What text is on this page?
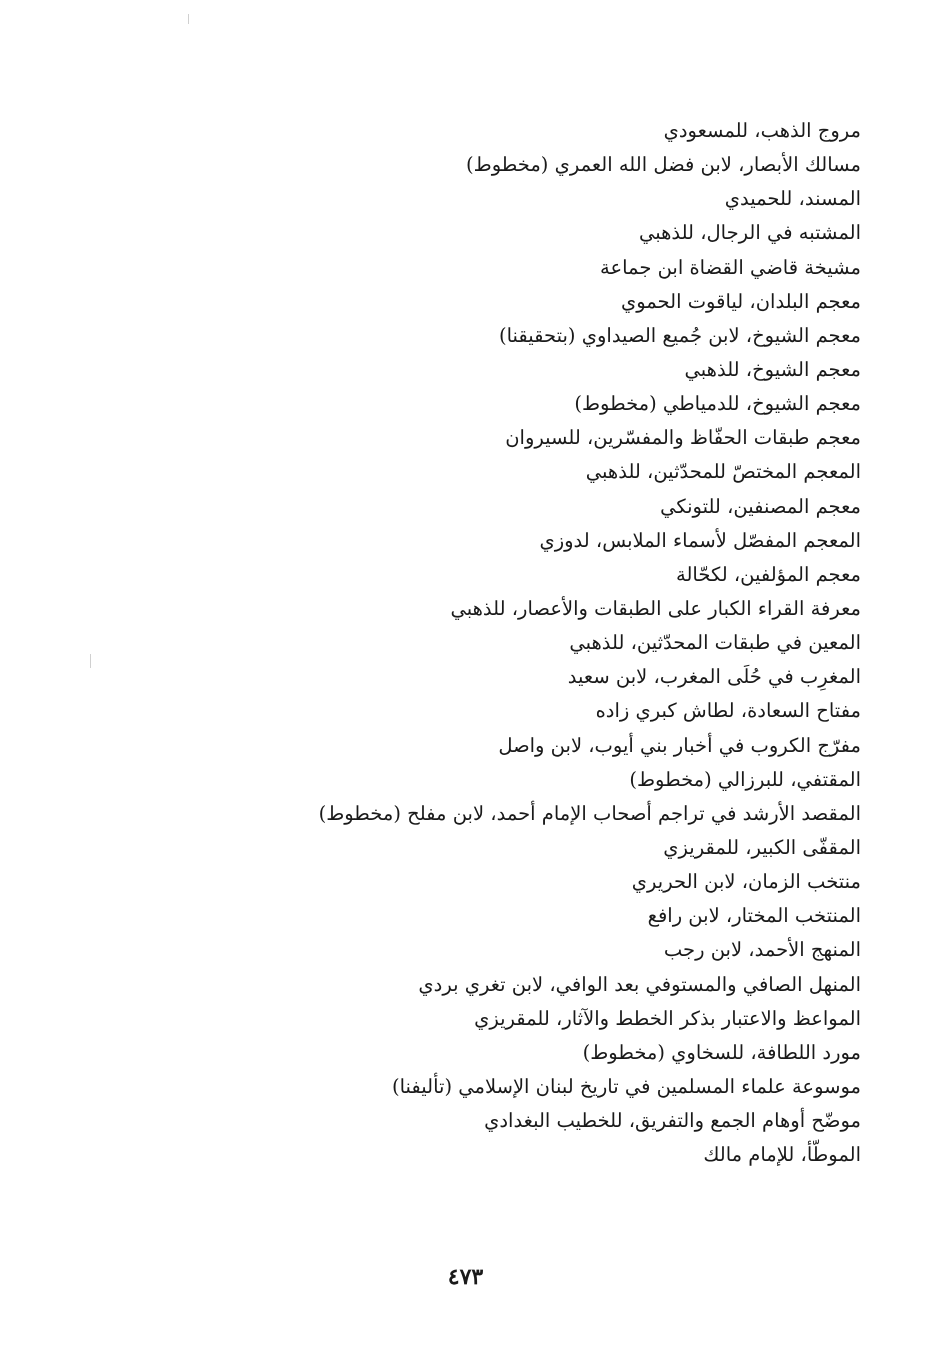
مروج الذهب، للمسعودي
مسالك الأبصار، لابن فضل الله العمري (مخطوط)
المسند، للحميدي
المشتبه في الرجال، للذهبي
مشيخة قاضي القضاة ابن جماعة
معجم البلدان، لياقوت الحموي
معجم الشيوخ، لابن جُميع الصيداوي (بتحقيقنا)
معجم الشيوخ، للذهبي
معجم الشيوخ، للدمياطي (مخطوط)
معجم طبقات الحفّاظ والمفسّرين، للسيروان
المعجم المختصّ للمحدّثين، للذهبي
معجم المصنفين، للتونكي
المعجم المفصّل لأسماء الملابس، لدوزي
معجم المؤلفين، لكحّالة
معرفة القراء الكبار على الطبقات والأعصار، للذهبي
المعين في طبقات المحدّثين، للذهبي
المغرِب في حُلَى المغرب، لابن سعيد
مفتاح السعادة، لطاش كبري زاده
مفرّج الكروب في أخبار بني أيوب، لابن واصل
المقتفي، للبرزالي (مخطوط)
المقصد الأرشد في تراجم أصحاب الإمام أحمد، لابن مفلح (مخطوط)
المقفّى الكبير، للمقريزي
منتخب الزمان، لابن الحريري
المنتخب المختار، لابن رافع
المنهج الأحمد، لابن رجب
المنهل الصافي والمستوفي بعد الوافي، لابن تغري بردي
المواعظ والاعتبار بذكر الخطط والآثار، للمقريزي
مورد اللطافة، للسخاوي (مخطوط)
موسوعة علماء المسلمين في تاريخ لبنان الإسلامي (تأليفنا)
موضّح أوهام الجمع والتفريق، للخطيب البغدادي
الموطّأ، للإمام مالك
٤٧٣
